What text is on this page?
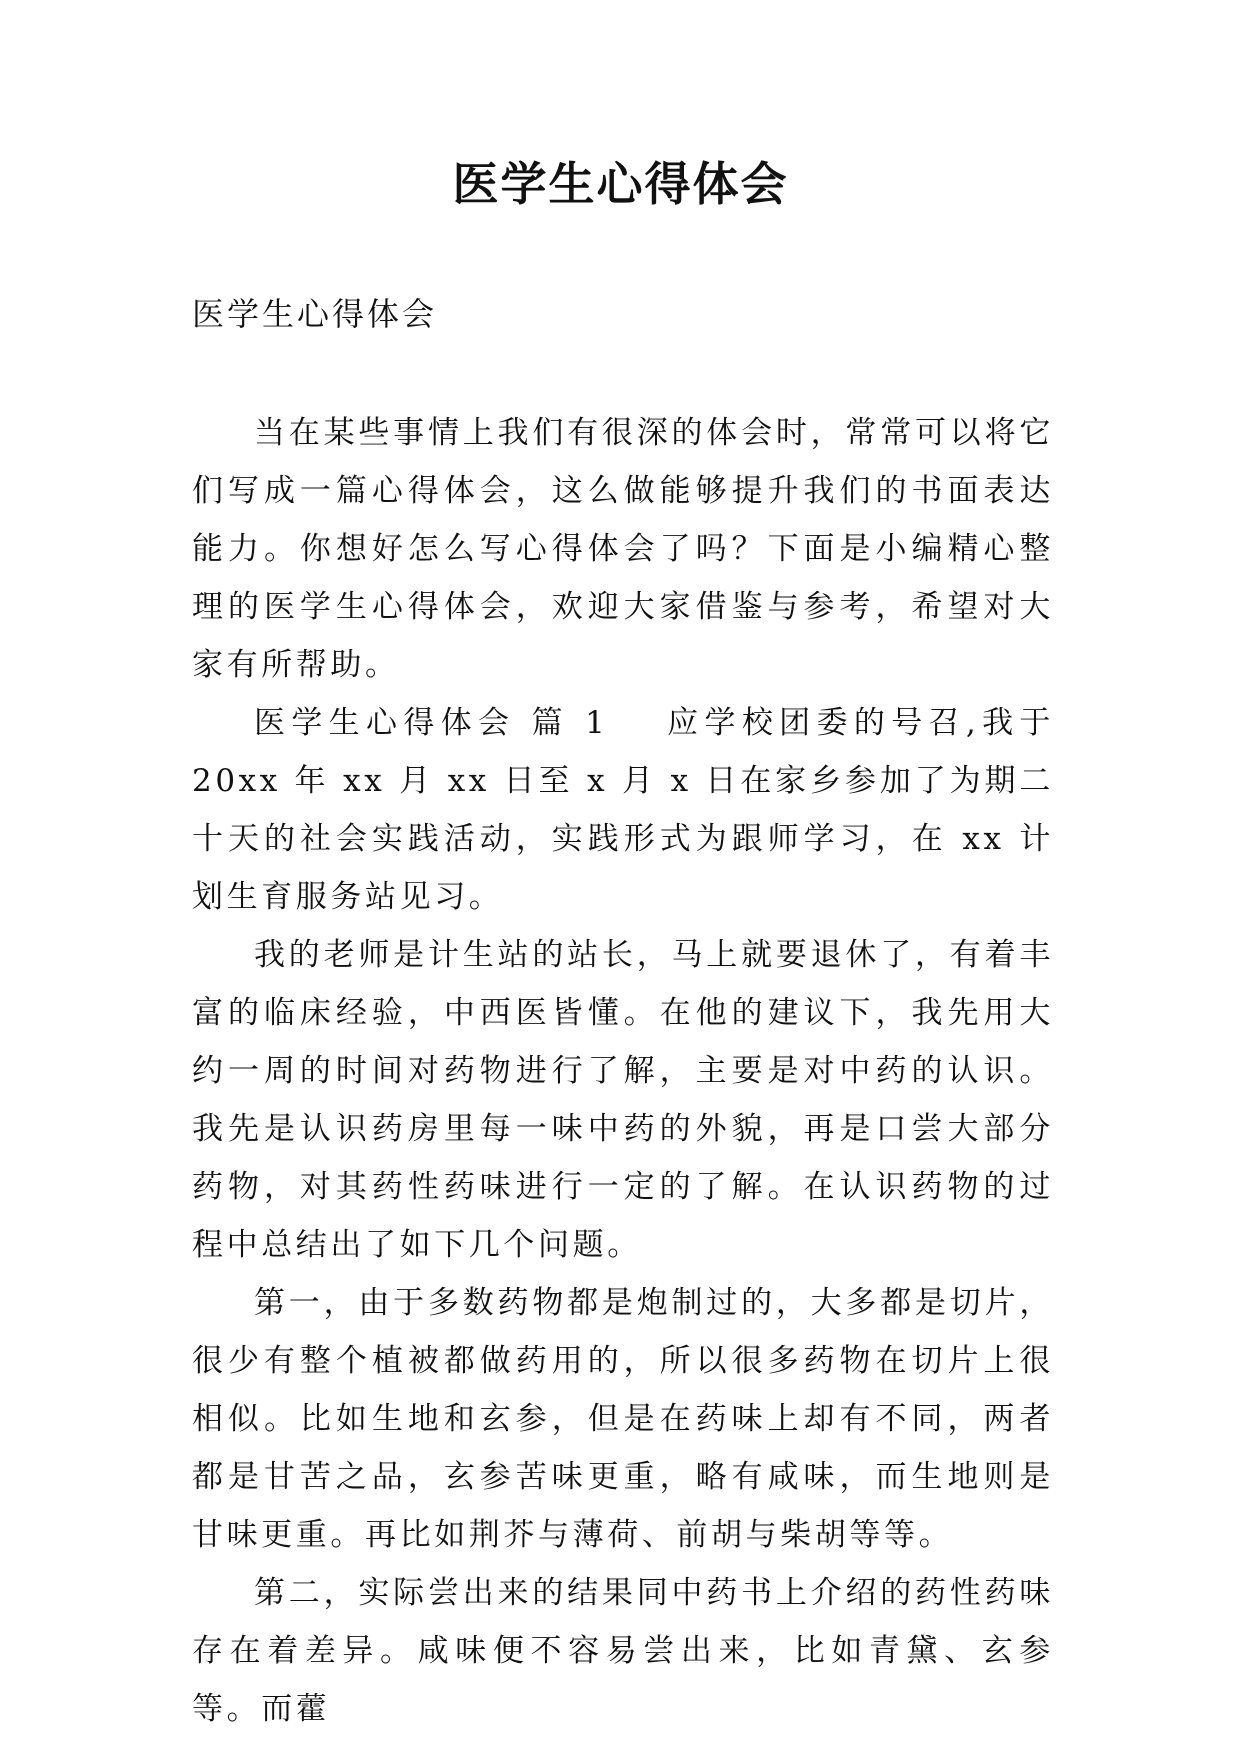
医学生心得体会
医学生心得体会

当在某些事情上我们有很深的体会时，常常可以将它们写成一篇心得体会，这么做能够提升我们的书面表达能力。你想好怎么写心得体会了吗？下面是小编精心整理的医学生心得体会，欢迎大家借鉴与参考，希望对大家有所帮助。

医学生心得体会 篇 1 应学校团委的号召,我于 20xx 年 xx 月 xx 日至 x 月 x 日在家乡参加了为期二十天的社会实践活动，实践形式为跟师学习，在 xx 计划生育服务站见习。

我的老师是计生站的站长，马上就要退休了，有着丰富的临床经验，中西医皆懂。在他的建议下，我先用大约一周的时间对药物进行了解，主要是对中药的认识。我先是认识药房里每一味中药的外貌，再是口尝大部分药物，对其药性药味进行一定的了解。在认识药物的过程中总结出了如下几个问题。

第一，由于多数药物都是炮制过的，大多都是切片，很少有整个植被都做药用的，所以很多药物在切片上很相似。比如生地和玄参，但是在药味上却有不同，两者都是甘苦之品，玄参苦味更重，略有咸味，而生地则是甘味更重。再比如荆芥与薄荷、前胡与柴胡等等。

第二，实际尝出来的结果同中药书上介绍的药性药味存在着差异。咸味便不容易尝出来，比如青黛、玄参等。而藿
